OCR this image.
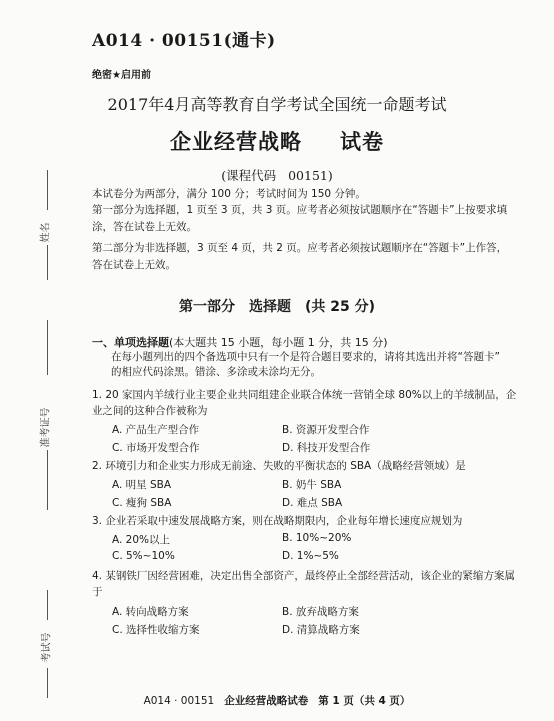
A014 · 00151(通卡)
绝密★启用前
2017年4月高等教育自学考试全国统一命题考试
企业经营战略 试卷
(课程代码 00151)
本试卷分为两部分，满分 100 分；考试时间为 150 分钟。
第一部分为选择题，1 页至 3 页，共 3 页。应考者必须按试题顺序在“答题卡”上按要求填
涂，答在试卷上无效。
第二部分为非选择题，3 页至 4 页，共 2 页。应考者必须按试题顺序在“答题卡”上作答，
答在试卷上无效。
第一部分 选择题 (共 25 分)
一、单项选择题(本大题共 15 小题，每小题 1 分，共 15 分)
在每小题列出的四个备选项中只有一个是符合题目要求的，请将其选出并将“答题卡”
的相应代码涂黑。错涂、多涂或未涂均无分。
1. 20 家国内羊绒行业主要企业共同组建企业联合体统一营销全球 80%以上的羊绒制品，企
业之间的这种合作被称为
A. 产品生产型合作	B. 资源开发型合作
C. 市场开发型合作	D. 科技开发型合作
2. 环境引力和企业实力形成无前途、失败的平衡状态的 SBA（战略经营领域）是
A. 明星 SBA	B. 奶牛 SBA
C. 瘦狗 SBA	D. 难点 SBA
3. 企业若采取中速发展战略方案，则在战略期限内，企业每年增长速度应规划为
A. 20%以上	B. 10%~20%
C. 5%~10%	D. 1%~5%
4. 某钢铁厂因经营困难，决定出售全部资产，最终停止全部经营活动，该企业的紧缩方案属
于
A. 转向战略方案	B. 放弃战略方案
C. 选择性收缩方案	D. 清算战略方案
姓名
准考证号
考试号
A014 · 00151 企业经营战略试卷 第 1 页（共 4 页）
